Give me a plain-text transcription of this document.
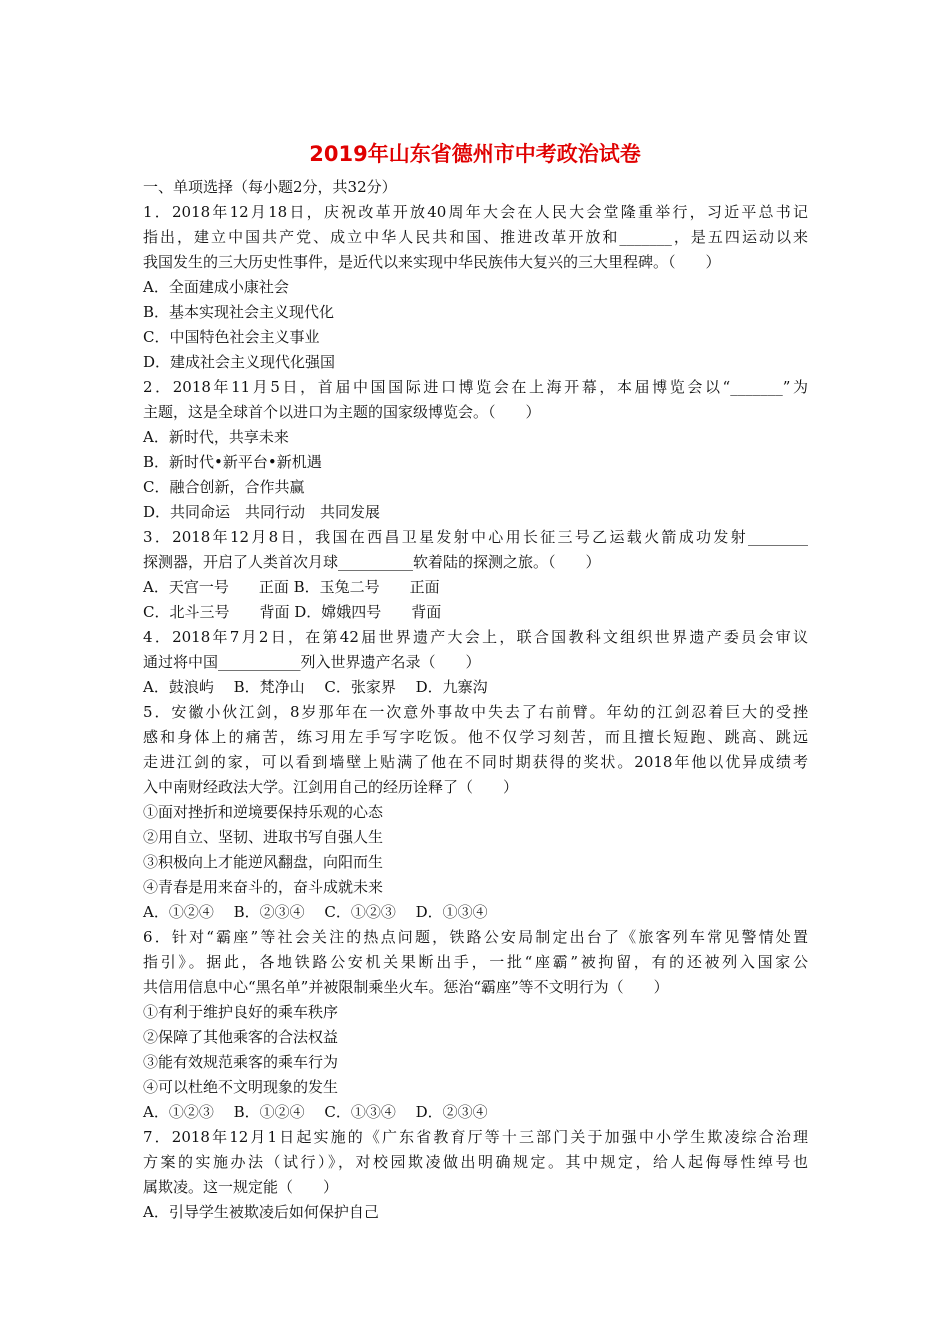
2019年山东省德州市中考政治试卷
一、单项选择（每小题2分，共32分）
1．2018年12月18日，庆祝改革开放40周年大会在人民大会堂隆重举行，习近平总书记
指出，建立中国共产党、成立中华人民共和国、推进改革开放和_______，是五四运动以来
我国发生的三大历史性事件，是近代以来实现中华民族伟大复兴的三大里程碑。（　　）
A．全面建成小康社会
B．基本实现社会主义现代化
C．中国特色社会主义事业
D．建成社会主义现代化强国
2．2018年11月5日，首届中国国际进口博览会在上海开幕，本届博览会以“_______”为
主题，这是全球首个以进口为主题的国家级博览会。（　　）
A．新时代，共享未来
B．新时代•新平台•新机遇
C．融合创新，合作共赢
D．共同命运　共同行动　共同发展
3．2018年12月8日，我国在西昌卫星发射中心用长征三号乙运载火箭成功发射________
探测器，开启了人类首次月球__________软着陆的探测之旅。（　　）
A．天宫一号　　正面 B．玉兔二号　　正面
C．北斗三号　　背面 D．嫦娥四号　　背面
4．2018年7月2日，在第42届世界遗产大会上，联合国教科文组织世界遗产委员会审议
通过将中国___________列入世界遗产名录（　　）
A．鼓浪屿　 B．梵净山　 C．张家界　 D．九寨沟
5．安徽小伙江剑，8岁那年在一次意外事故中失去了右前臂。年幼的江剑忍着巨大的受挫
感和身体上的痛苦，练习用左手写字吃饭。他不仅学习刻苦，而且擅长短跑、跳高、跳远
走进江剑的家，可以看到墙壁上贴满了他在不同时期获得的奖状。2018年他以优异成绩考
入中南财经政法大学。江剑用自己的经历诠释了（　　）
①面对挫折和逆境要保持乐观的心态
②用自立、坚韧、进取书写自强人生
③积极向上才能逆风翻盘，向阳而生
④青春是用来奋斗的，奋斗成就未来
A．①②④　 B．②③④　 C．①②③　 D．①③④
6．针对“霸座”等社会关注的热点问题，铁路公安局制定出台了《旅客列车常见警情处置
指引》。据此，各地铁路公安机关果断出手，一批“座霸”被拘留，有的还被列入国家公
共信用信息中心“黑名单”并被限制乘坐火车。惩治“霸座”等不文明行为（　　）
①有利于维护良好的乘车秩序
②保障了其他乘客的合法权益
③能有效规范乘客的乘车行为
④可以杜绝不文明现象的发生
A．①②③　 B．①②④　 C．①③④　 D．②③④
7．2018年12月1日起实施的《广东省教育厅等十三部门关于加强中小学生欺凌综合治理
方案的实施办法（试行）》，对校园欺凌做出明确规定。其中规定，给人起侮辱性绰号也
属欺凌。这一规定能（　　）
A．引导学生被欺凌后如何保护自己
